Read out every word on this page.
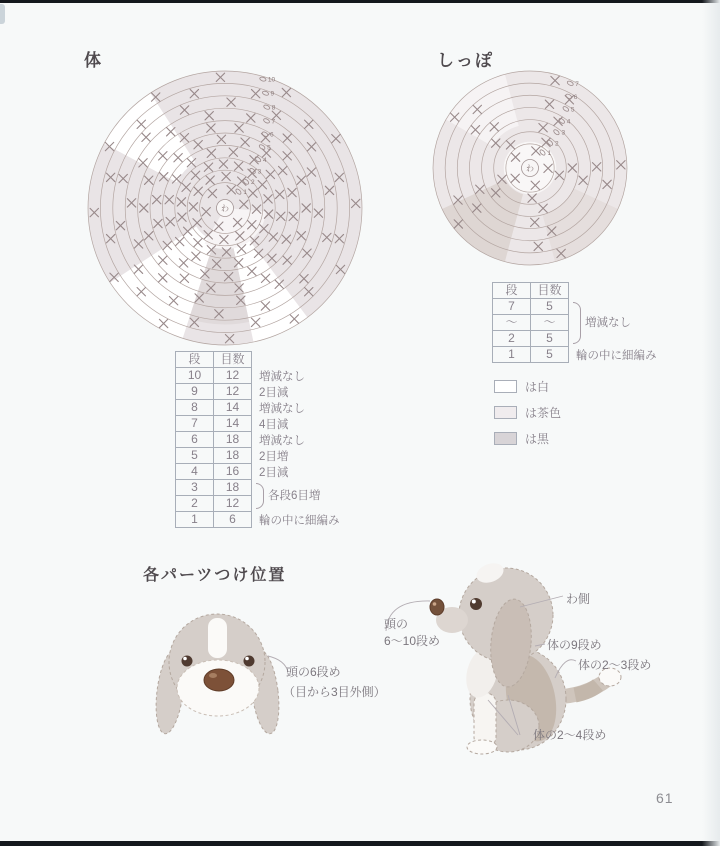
体	しっぽ
わ
1
2
3
4
5
6
7
8
9
10
わ
1
2
3
4
5
6
7
段	目数	
10	12	増減なし
9	12	2目減
8	14	増減なし
7	14	4目減
6	18	増減なし
5	18	2目増
4	16	2目減
3	18	各段6目増
2	12	
1	6	輪の中に細編み
段	目数	
7	5	増減なし
〜	〜	
2	5	
1	5	輪の中に細編み
は白
は茶色
は黒
各パーツつけ位置
頭の6段め
（目から3目外側）
わ側
頭の
6〜10段め	体の9段め
体の2〜3段め
体の2〜4段め
61
